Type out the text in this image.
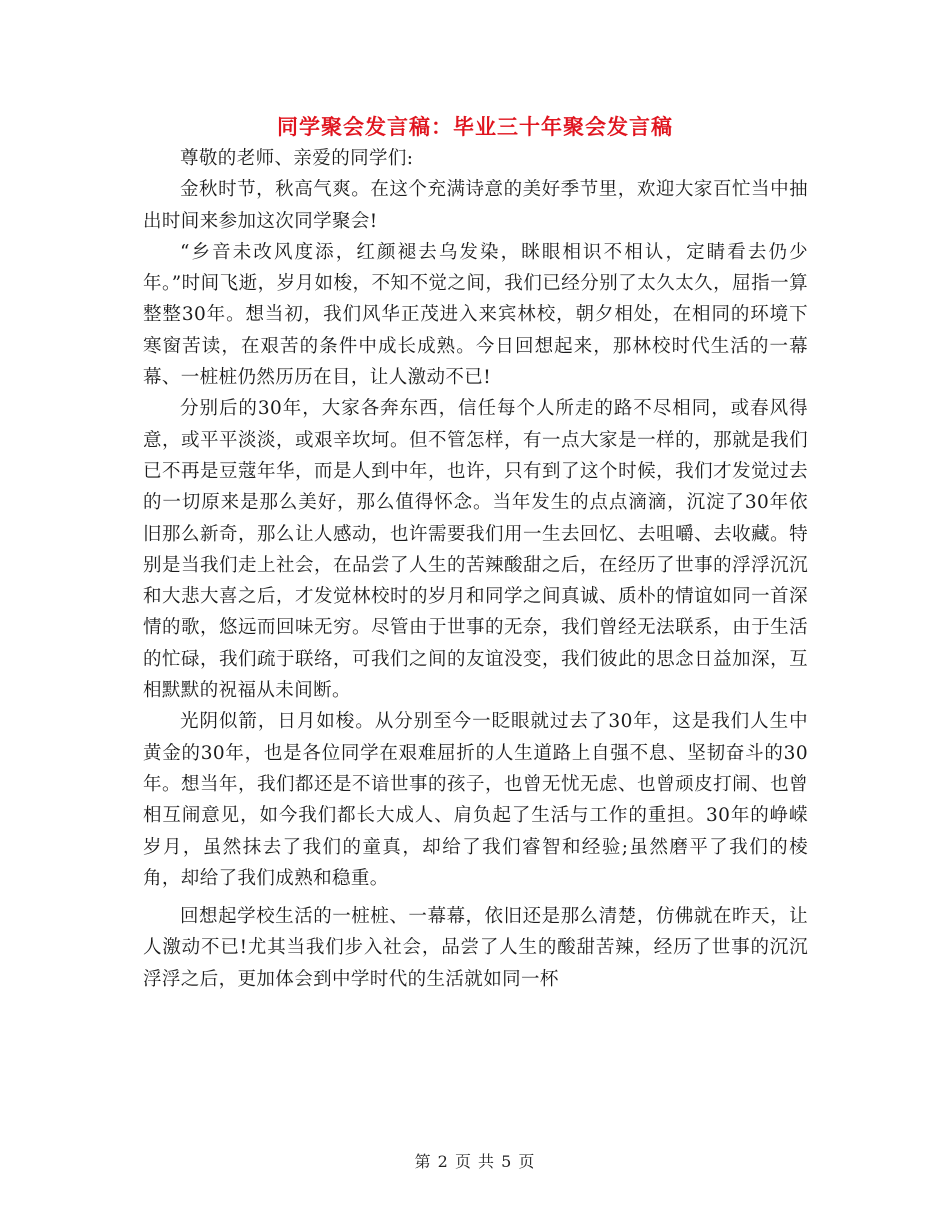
同学聚会发言稿：毕业三十年聚会发言稿

尊敬的老师、亲爱的同学们:

金秋时节，秋高气爽。在这个充满诗意的美好季节里，欢迎大家百忙当中抽出时间来参加这次同学聚会!

“乡音未改风度添，红颜褪去乌发染，眯眼相识不相认，定睛看去仍少年。”时间飞逝，岁月如梭，不知不觉之间，我们已经分别了太久太久，屈指一算整整30年。想当初，我们风华正茂进入来宾林校，朝夕相处，在相同的环境下寒窗苦读，在艰苦的条件中成长成熟。今日回想起来，那林校时代生活的一幕幕、一桩桩仍然历历在目，让人激动不已!

分别后的30年，大家各奔东西，信任每个人所走的路不尽相同，或春风得意，或平平淡淡，或艰辛坎坷。但不管怎样，有一点大家是一样的，那就是我们已不再是豆蔻年华，而是人到中年，也许，只有到了这个时候，我们才发觉过去的一切原来是那么美好，那么值得怀念。当年发生的点点滴滴，沉淀了30年依旧那么新奇，那么让人感动，也许需要我们用一生去回忆、去咀嚼、去收藏。特别是当我们走上社会，在品尝了人生的苦辣酸甜之后，在经历了世事的浮浮沉沉和大悲大喜之后，才发觉林校时的岁月和同学之间真诚、质朴的情谊如同一首深情的歌，悠远而回味无穷。尽管由于世事的无奈，我们曾经无法联系，由于生活的忙碌，我们疏于联络，可我们之间的友谊没变，我们彼此的思念日益加深，互相默默的祝福从未间断。

光阴似箭，日月如梭。从分别至今一眨眼就过去了30年，这是我们人生中黄金的30年，也是各位同学在艰难屈折的人生道路上自强不息、坚韧奋斗的30年。想当年，我们都还是不谙世事的孩子，也曾无忧无虑、也曾顽皮打闹、也曾相互闹意见，如今我们都长大成人、肩负起了生活与工作的重担。30年的峥嵘岁月，虽然抹去了我们的童真，却给了我们睿智和经验;虽然磨平了我们的棱角，却给了我们成熟和稳重。

回想起学校生活的一桩桩、一幕幕，依旧还是那么清楚，仿佛就在昨天，让人激动不已!尤其当我们步入社会，品尝了人生的酸甜苦辣，经历了世事的沉沉浮浮之后，更加体会到中学时代的生活就如同一杯

第 2 页 共 5 页
